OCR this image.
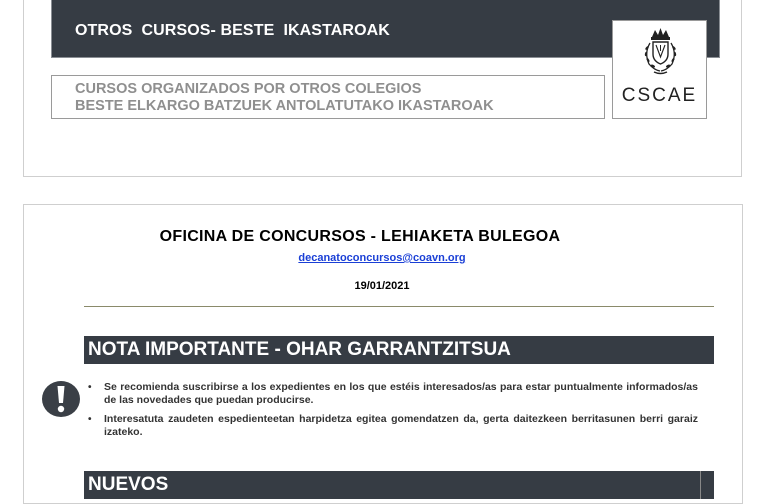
OTROS  CURSOS- BESTE  IKASTAROAK
CURSOS ORGANIZADOS POR OTROS COLEGIOS
BESTE ELKARGO BATZUEK ANTOLATUTAKO IKASTAROAK	CSCAE
OFICINA DE CONCURSOS - LEHIAKETA BULEGOA
decanatoconcursos@coavn.org
19/01/2021
NOTA IMPORTANTE - OHAR GARRANTZITSUA
• Se recomienda suscribirse a los expedientes en los que estéis interesados/as para estar puntualmente informados/as de las novedades que puedan producirse.
• Interesatuta zaudeten espedienteetan harpidetza egitea gomendatzen da, gerta daitezkeen berritasunen berri garaiz izateko.
NUEVOS
